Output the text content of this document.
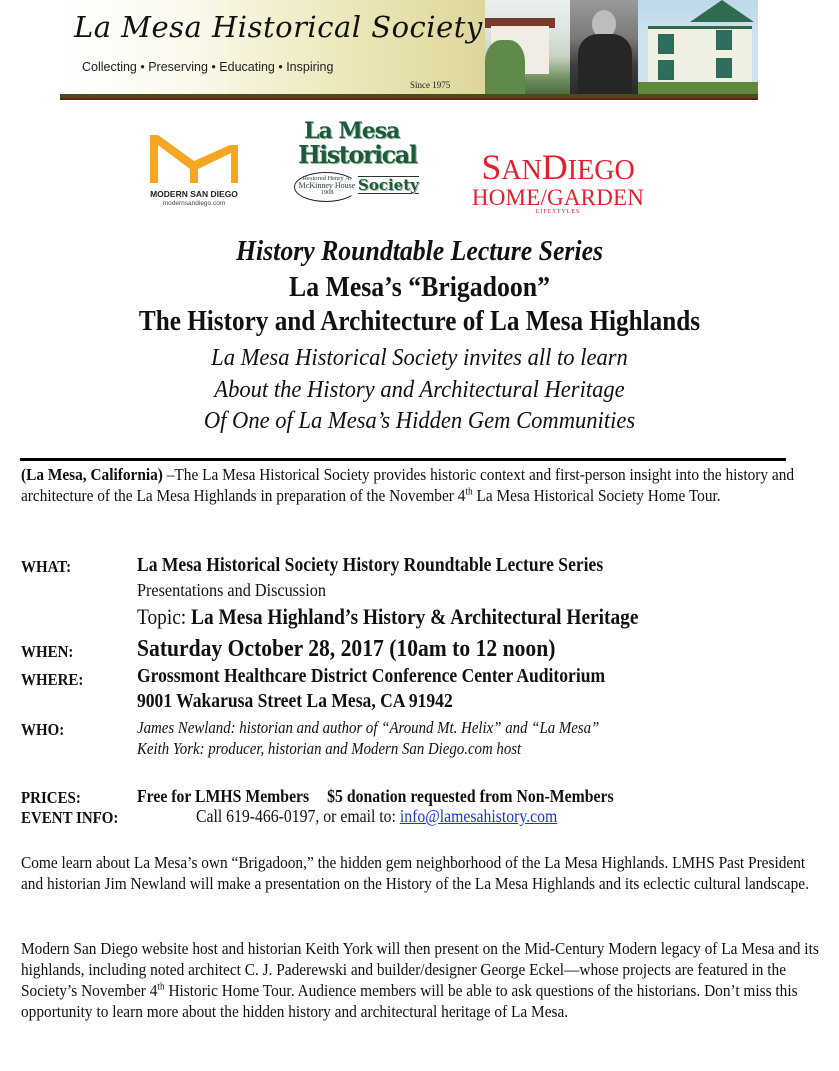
La Mesa Historical Society
Collecting • Preserving • Educating • Inspiring
Since 1975
MODERN SAN DIEGO
modernsandiego.com
La Mesa
Historical
Restored Henry A.
McKinney House
1908	Society	SANDIEGO
HOME/GARDEN
LIFESTYLES
History Roundtable Lecture Series
La Mesa’s “Brigadoon”
The History and Architecture of La Mesa Highlands
La Mesa Historical Society invites all to learn
About the History and Architectural Heritage
Of One of La Mesa’s Hidden Gem Communities
(La Mesa, California) –The La Mesa Historical Society provides historic context and first-person insight into the history and architecture of the La Mesa Highlands in preparation of the November 4th La Mesa Historical Society Home Tour.
WHAT:	La Mesa Historical Society History Roundtable Lecture Series
Presentations and Discussion
Topic: La Mesa Highland’s History & Architectural Heritage
WHEN:	Saturday October 28, 2017 (10am to 12 noon)
WHERE:	Grossmont Healthcare District Conference Center Auditorium
9001 Wakarusa Street La Mesa, CA 91942
WHO:	James Newland: historian and author of “Around Mt. Helix” and “La Mesa”
Keith York: producer, historian and Modern San Diego.com host
PRICES:	Free for LMHS Members $5 donation requested from Non-Members
EVENT INFO:	Call 619-466-0197, or email to: info@lamesahistory.com
Come learn about La Mesa’s own “Brigadoon,” the hidden gem neighborhood of the La Mesa Highlands. LMHS Past President and historian Jim Newland will make a presentation on the History of the La Mesa Highlands and its eclectic cultural landscape.
Modern San Diego website host and historian Keith York will then present on the Mid-Century Modern legacy of La Mesa and its highlands, including noted architect C. J. Paderewski and builder/designer George Eckel—whose projects are featured in the Society’s November 4th Historic Home Tour. Audience members will be able to ask questions of the historians. Don’t miss this opportunity to learn more about the hidden history and architectural heritage of La Mesa.
